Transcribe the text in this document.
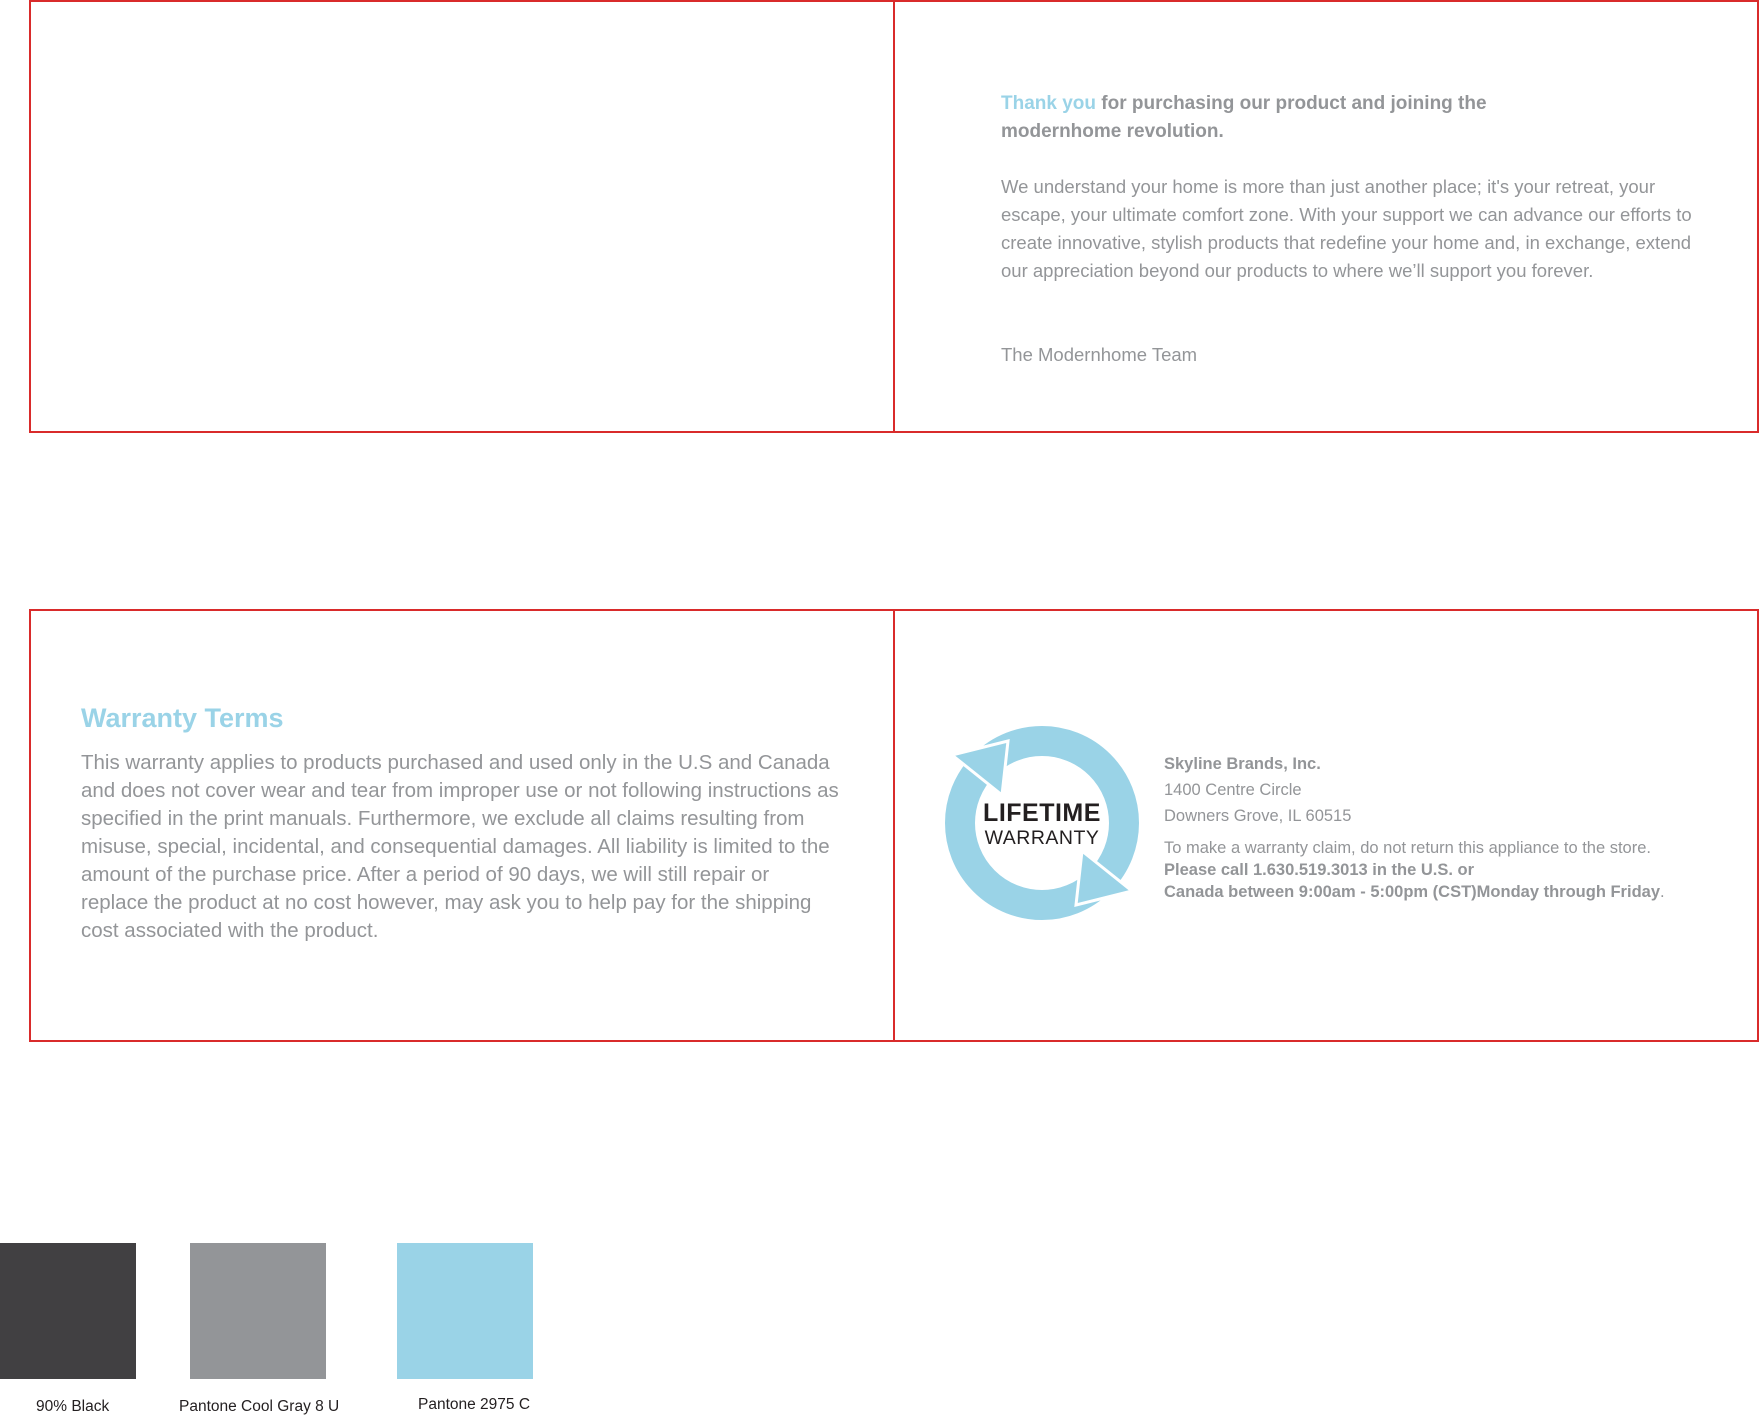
Thank you for purchasing our product and joining the modernhome revolution.

We understand your home is more than just another place; it's your retreat, your escape, your ultimate comfort zone. With your support we can advance our efforts to create innovative, stylish products that redefine your home and, in exchange, extend our appreciation beyond our products to where we’ll support you forever.

The Modernhome Team
Warranty Terms

This warranty applies to products purchased and used only in the U.S and Canada and does not cover wear and tear from improper use or not following instructions as specified in the print manuals. Furthermore, we exclude all claims resulting from misuse, special, incidental, and consequential damages. All liability is limited to the amount of the purchase price. After a period of 90 days, we will still repair or replace the product at no cost however, may ask you to help pay for the shipping cost associated with the product.

LIFETIME
WARRANTY
Skyline Brands, Inc.
1400 Centre Circle
Downers Grove, IL 60515
To make a warranty claim, do not return this appliance to the store.
Please call 1.630.519.3013 in the U.S. or
Canada between 9:00am - 5:00pm (CST)Monday through Friday.
90% Black	Pantone Cool Gray 8 U	Pantone 2975 C
